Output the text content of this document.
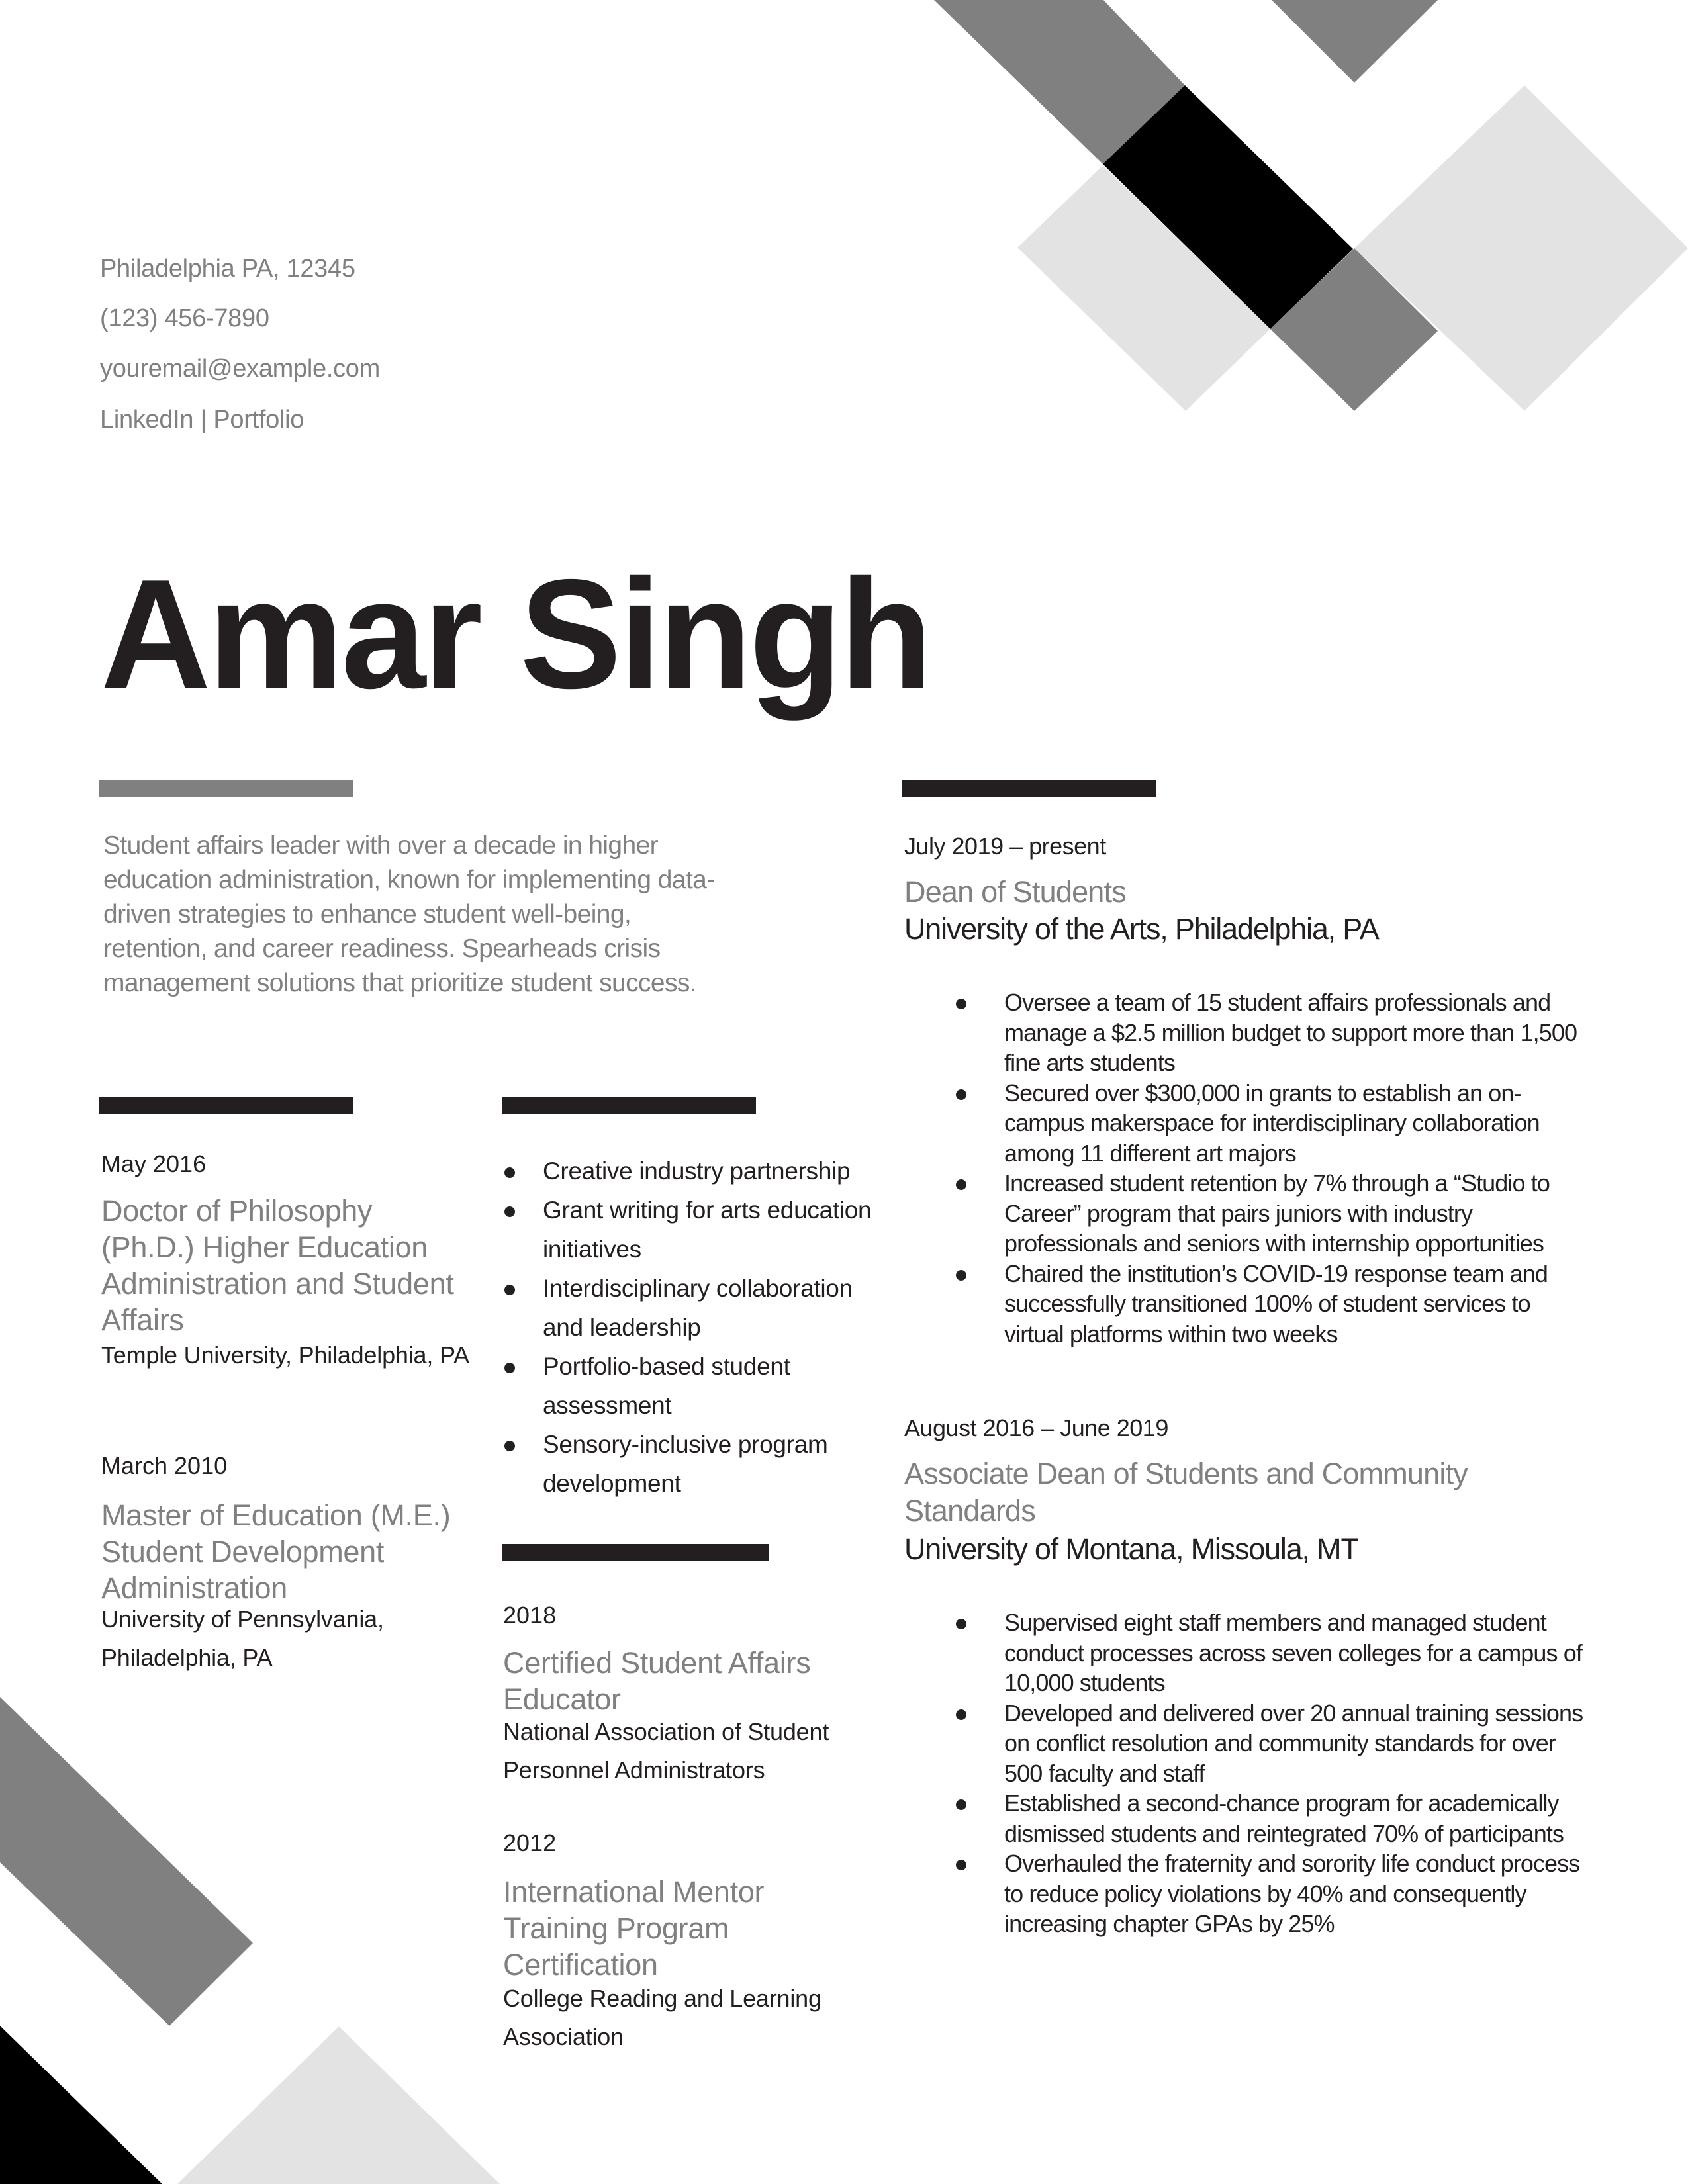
Philadelphia PA, 12345
(123) 456-7890
youremail@example.com
LinkedIn | Portfolio
Amar Singh

Student affairs leader with over a decade in higher education administration, known for implementing data-driven strategies to enhance student well-being, retention, and career readiness. Spearheads crisis management solutions that prioritize student success.

May 2016
Doctor of Philosophy (Ph.D.) Higher Education Administration and Student Affairs
Temple University, Philadelphia, PA
March 2010
Master of Education (M.E.) Student Development Administration
University of Pennsylvania, Philadelphia, PA
Creative industry partnership
Grant writing for arts education initiatives
Interdisciplinary collaboration and leadership
Portfolio-based student assessment
Sensory-inclusive program development
2018
Certified Student Affairs Educator
National Association of Student Personnel Administrators
2012
International Mentor Training Program Certification
College Reading and Learning Association
July 2019 – present
Dean of Students
University of the Arts, Philadelphia, PA
Oversee a team of 15 student affairs professionals and manage a $2.5 million budget to support more than 1,500 fine arts students
Secured over $300,000 in grants to establish an on-campus makerspace for interdisciplinary collaboration among 11 different art majors
Increased student retention by 7% through a “Studio to Career” program that pairs juniors with industry professionals and seniors with internship opportunities
Chaired the institution’s COVID-19 response team and successfully transitioned 100% of student services to virtual platforms within two weeks
August 2016 – June 2019
Associate Dean of Students and Community Standards
University of Montana, Missoula, MT
Supervised eight staff members and managed student conduct processes across seven colleges for a campus of 10,000 students
Developed and delivered over 20 annual training sessions on conflict resolution and community standards for over 500 faculty and staff
Established a second-chance program for academically dismissed students and reintegrated 70% of participants
Overhauled the fraternity and sorority life conduct process to reduce policy violations by 40% and consequently increasing chapter GPAs by 25%
